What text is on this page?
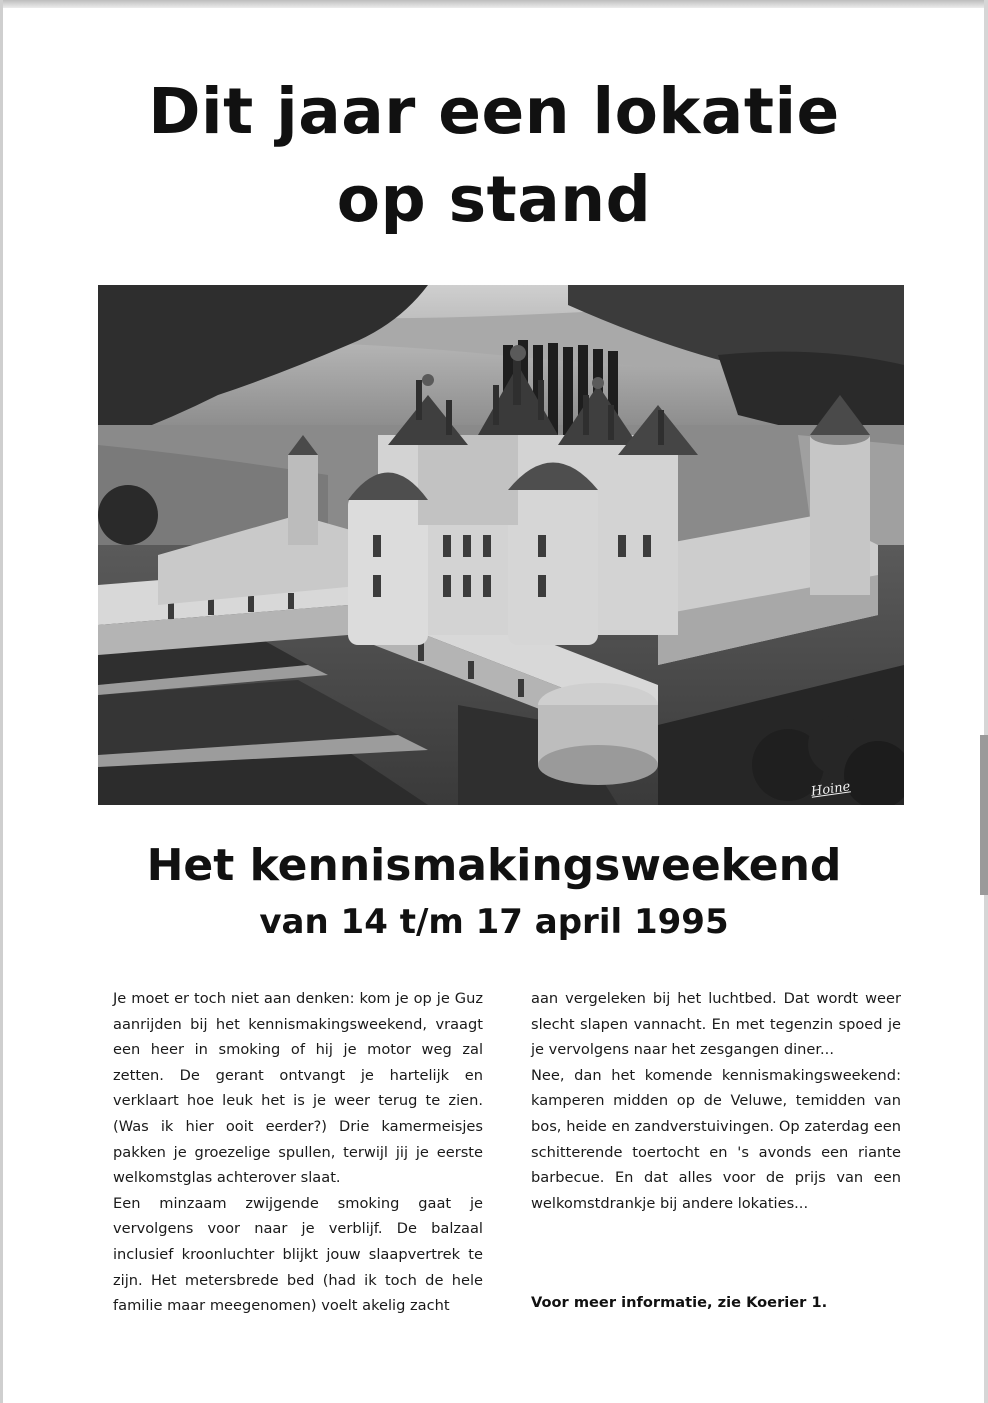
Dit jaar een lokatie
op stand
Hoine
Het kennismakingsweekend
van 14 t/m 17 april 1995

Je moet er toch niet aan denken: kom je op je Guz aanrijden bij het kennismakingsweekend, vraagt een heer in smoking of hij je motor weg zal zetten. De gerant ontvangt je hartelijk en verklaart hoe leuk het is je weer terug te zien. (Was ik hier ooit eerder?) Drie kamermeisjes pakken je groezelige spullen, terwijl jij je eerste welkomstglas achterover slaat.

Een minzaam zwijgende smoking gaat je vervolgens voor naar je verblijf. De balzaal inclusief kroonluchter blijkt jouw slaapvertrek te zijn. Het metersbrede bed (had ik toch de hele familie maar meegenomen) voelt akelig zacht

aan vergeleken bij het luchtbed. Dat wordt weer slecht slapen vannacht. En met tegenzin spoed je je vervolgens naar het zesgangen diner...

Nee, dan het komende kennismakingsweekend: kamperen midden op de Veluwe, temidden van bos, heide en zandverstuivingen. Op zaterdag een schitterende toertocht en 's avonds een riante barbecue. En dat alles voor de prijs van een welkomstdrankje bij andere lokaties...

Voor meer informatie, zie Koerier 1.
